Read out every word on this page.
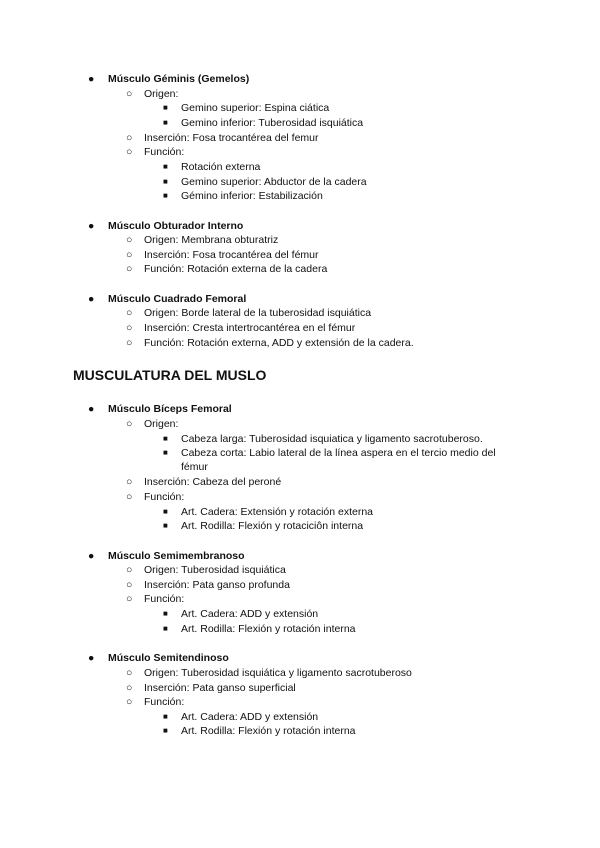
● Músculo Géminis (Gemelos)
○ Origen:
■ Gemino superior: Espina ciática
■ Gemino inferior: Tuberosidad isquiática
○ Inserción: Fosa trocantérea del femur
○ Función:
■ Rotación externa
■ Gemino superior: Abductor de la cadera
■ Gémino inferior: Estabilización
● Músculo Obturador Interno
○ Origen: Membrana obturatriz
○ Inserción: Fosa trocantérea del fémur
○ Función: Rotación externa de la cadera
● Músculo Cuadrado Femoral
○ Origen: Borde lateral de la tuberosidad isquiática
○ Inserción: Cresta intertrocantérea en el fémur
○ Función: Rotación externa, ADD y extensión de la cadera.
MUSCULATURA DEL MUSLO
● Músculo Bíceps Femoral
○ Origen:
■ Cabeza larga: Tuberosidad isquiatica y ligamento sacrotuberoso.
■ Cabeza corta: Labio lateral de la línea aspera en el tercio medio del fémur
○ Inserción: Cabeza del peroné
○ Función:
■ Art. Cadera: Extensión y rotación externa
■ Art. Rodilla: Flexión y rotaciciôn interna
● Músculo Semimembranoso
○ Origen: Tuberosidad isquiática
○ Inserción: Pata ganso profunda
○ Función:
■ Art. Cadera: ADD y extensión
■ Art. Rodilla: Flexión y rotación interna
● Músculo Semitendinoso
○ Origen: Tuberosidad isquiática y ligamento sacrotuberoso
○ Inserción: Pata ganso superficial
○ Función:
■ Art. Cadera: ADD y extensión
■ Art. Rodilla: Flexión y rotación interna
